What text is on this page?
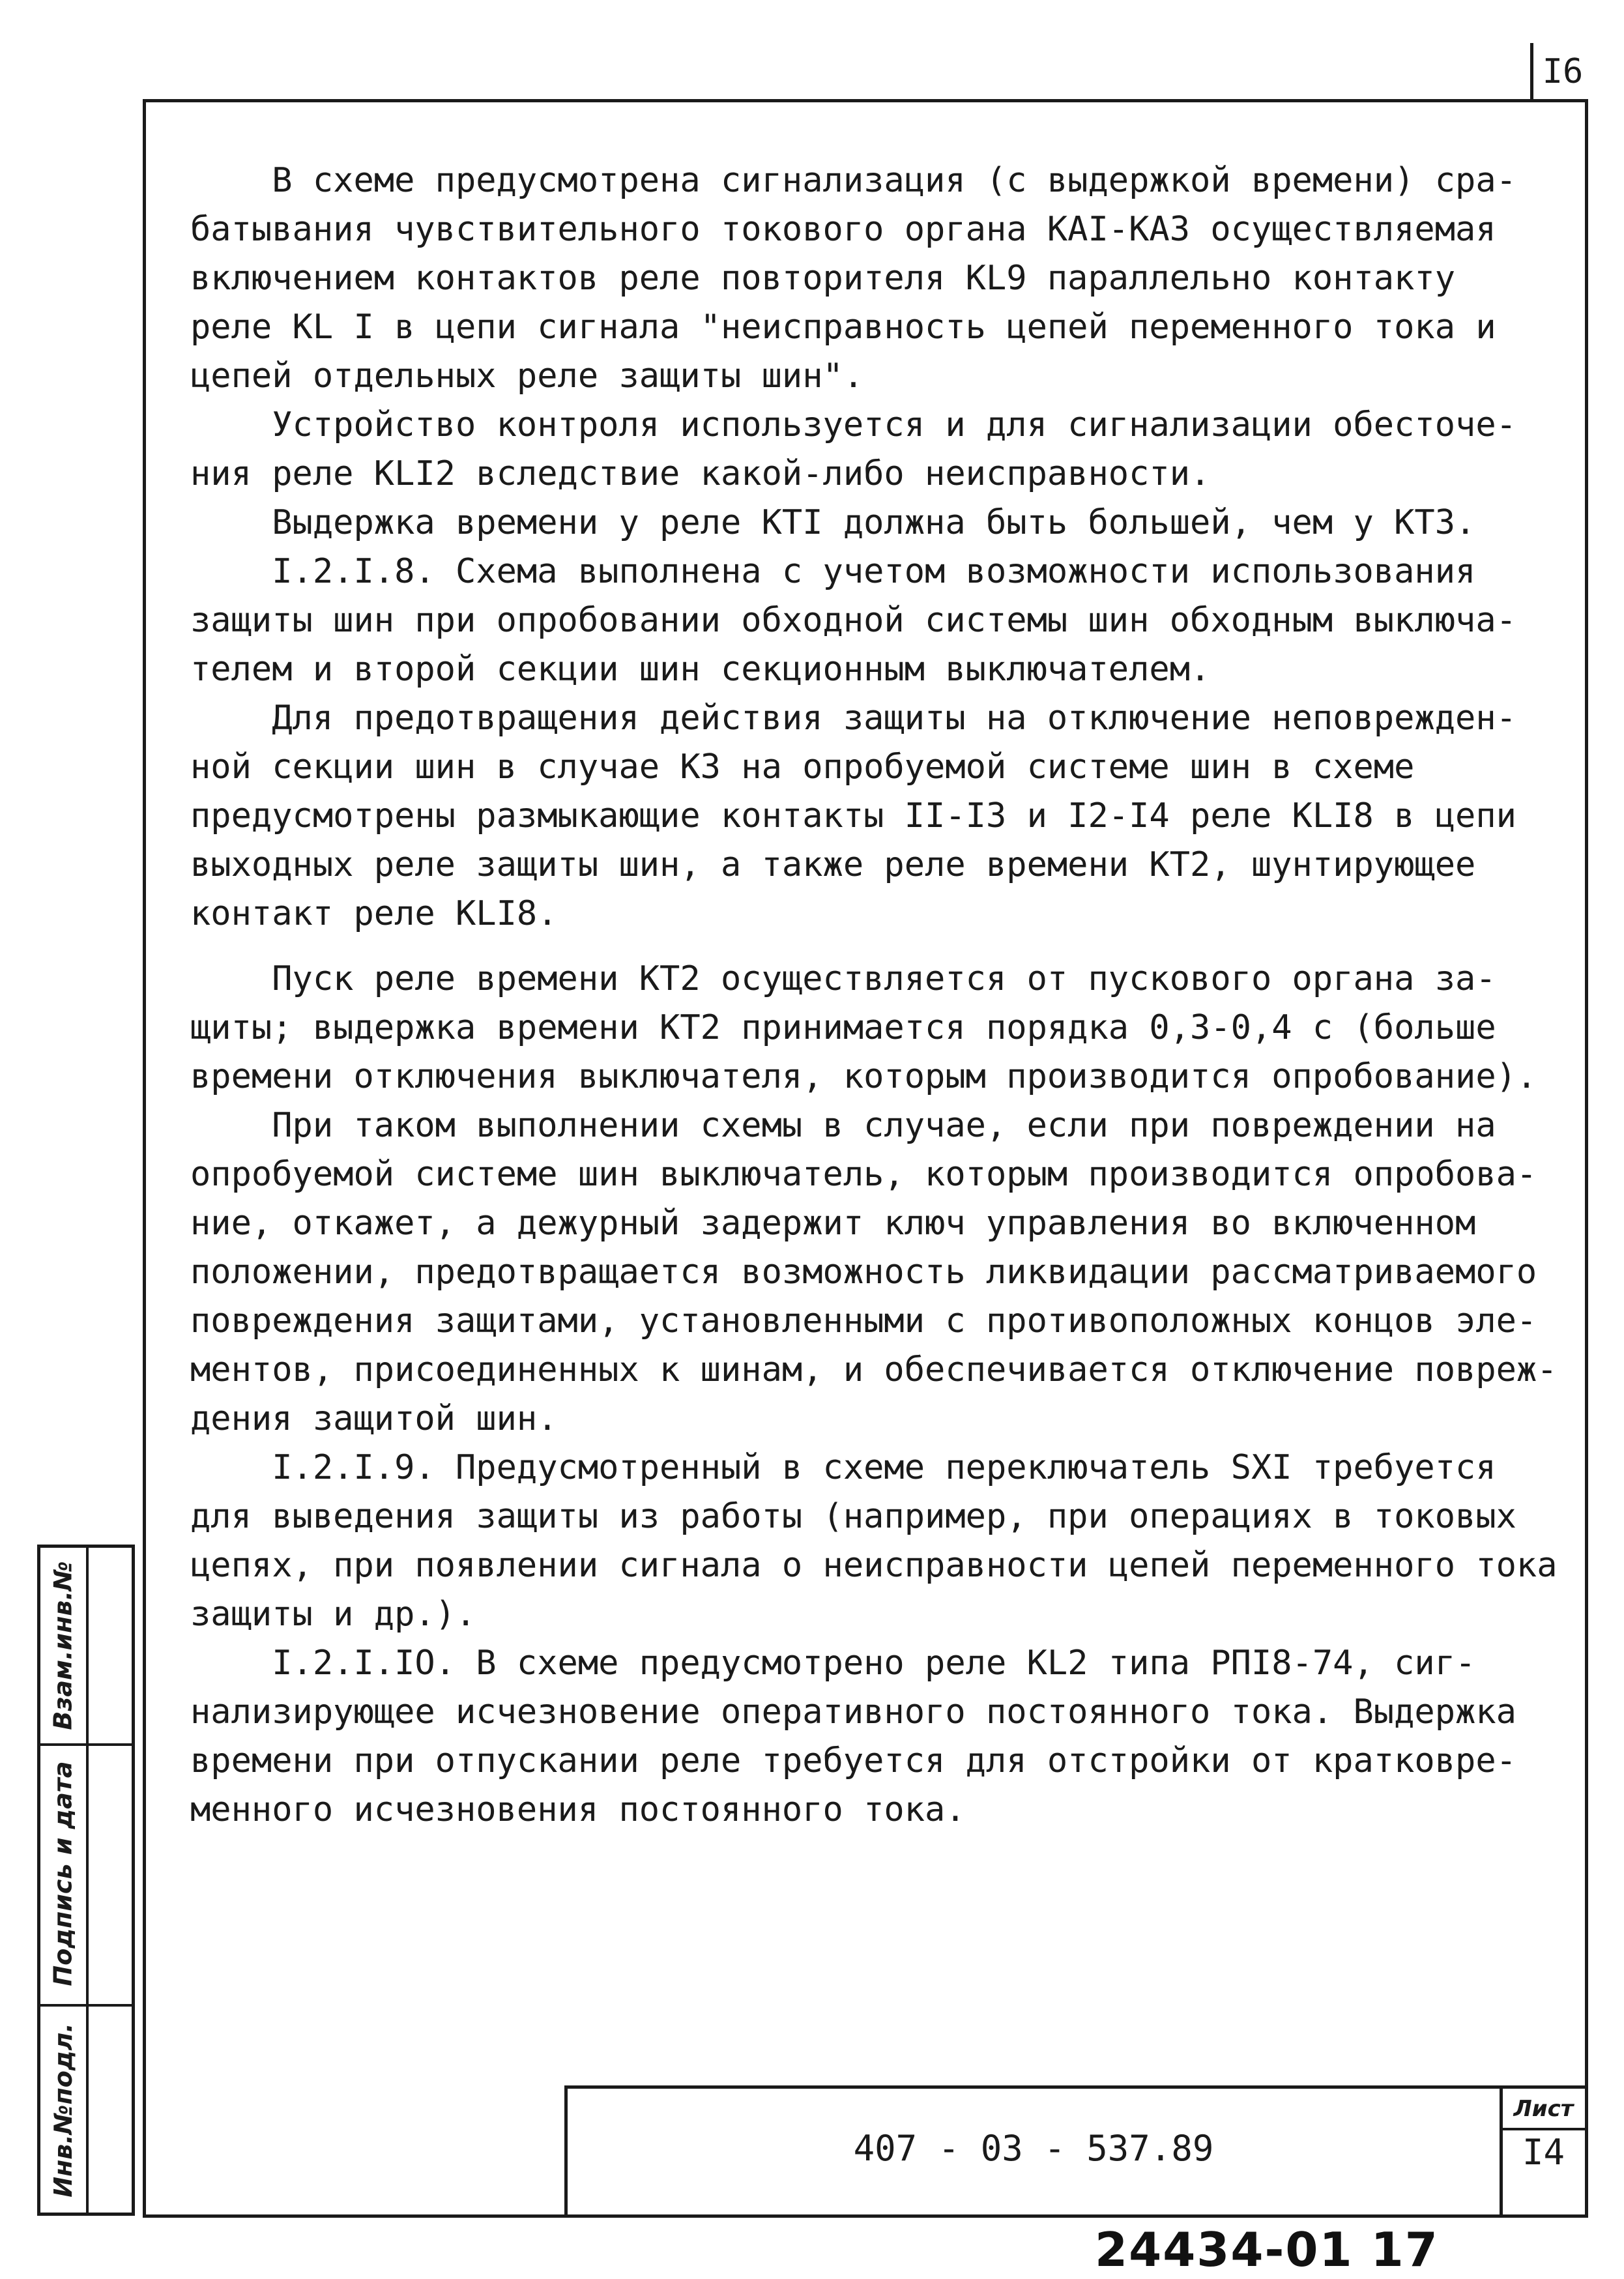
I6
В схеме предусмотрена сигнализация (с выдержкой времени) сра-
батывания чувствительного токового органа КАI-КАЗ осуществляемая
включением контактов реле повторителя KL9 параллельно контакту
реле KL I в цепи сигнала "неисправность цепей переменного тока и
цепей отдельных реле защиты шин".
Устройство контроля используется и для сигнализации обесточе-
ния реле KLI2 вследствие какой-либо неисправности.
Выдержка времени у реле КТI должна быть большей, чем у КТЗ.
I.2.I.8. Схема выполнена с учетом возможности использования
защиты шин при опробовании обходной системы шин обходным выключа-
телем и второй секции шин секционным выключателем.
Для предотвращения действия защиты на отключение неповрежден-
ной секции шин в случае КЗ на опробуемой системе шин в схеме
предусмотрены размыкающие контакты II-I3 и I2-I4 реле KLI8 в цепи
выходных реле защиты шин, а также реле времени КТ2, шунтирующее
контакт реле KLI8.
Пуск реле времени КТ2 осуществляется от пускового органа за-
щиты; выдержка времени КТ2 принимается порядка 0,3-0,4 с (больше
времени отключения выключателя, которым производится опробование).
При таком выполнении схемы в случае, если при повреждении на
опробуемой системе шин выключатель, которым производится опробова-
ние, откажет, а дежурный задержит ключ управления во включенном
положении, предотвращается возможность ликвидации рассматриваемого
повреждения защитами, установленными с противоположных концов эле-
ментов, присоединенных к шинам, и обеспечивается отключение повреж-
дения защитой шин.
I.2.I.9. Предусмотренный в схеме переключатель SXI требуется
для выведения защиты из работы (например, при операциях в токовых
цепях, при появлении сигнала о неисправности цепей переменного тока
защиты и др.).
I.2.I.IO. В схеме предусмотрено реле KL2 типа РПI8-74, сиг-
нализирующее исчезновение оперативного постоянного тока. Выдержка
времени при отпускании реле требуется для отстройки от кратковре-
менного исчезновения постоянного тока.
Взам.инв.№
Подпись и дата
Инв.№подл.	407 - 03 - 537.89
Лист
I4
24434-01 17
